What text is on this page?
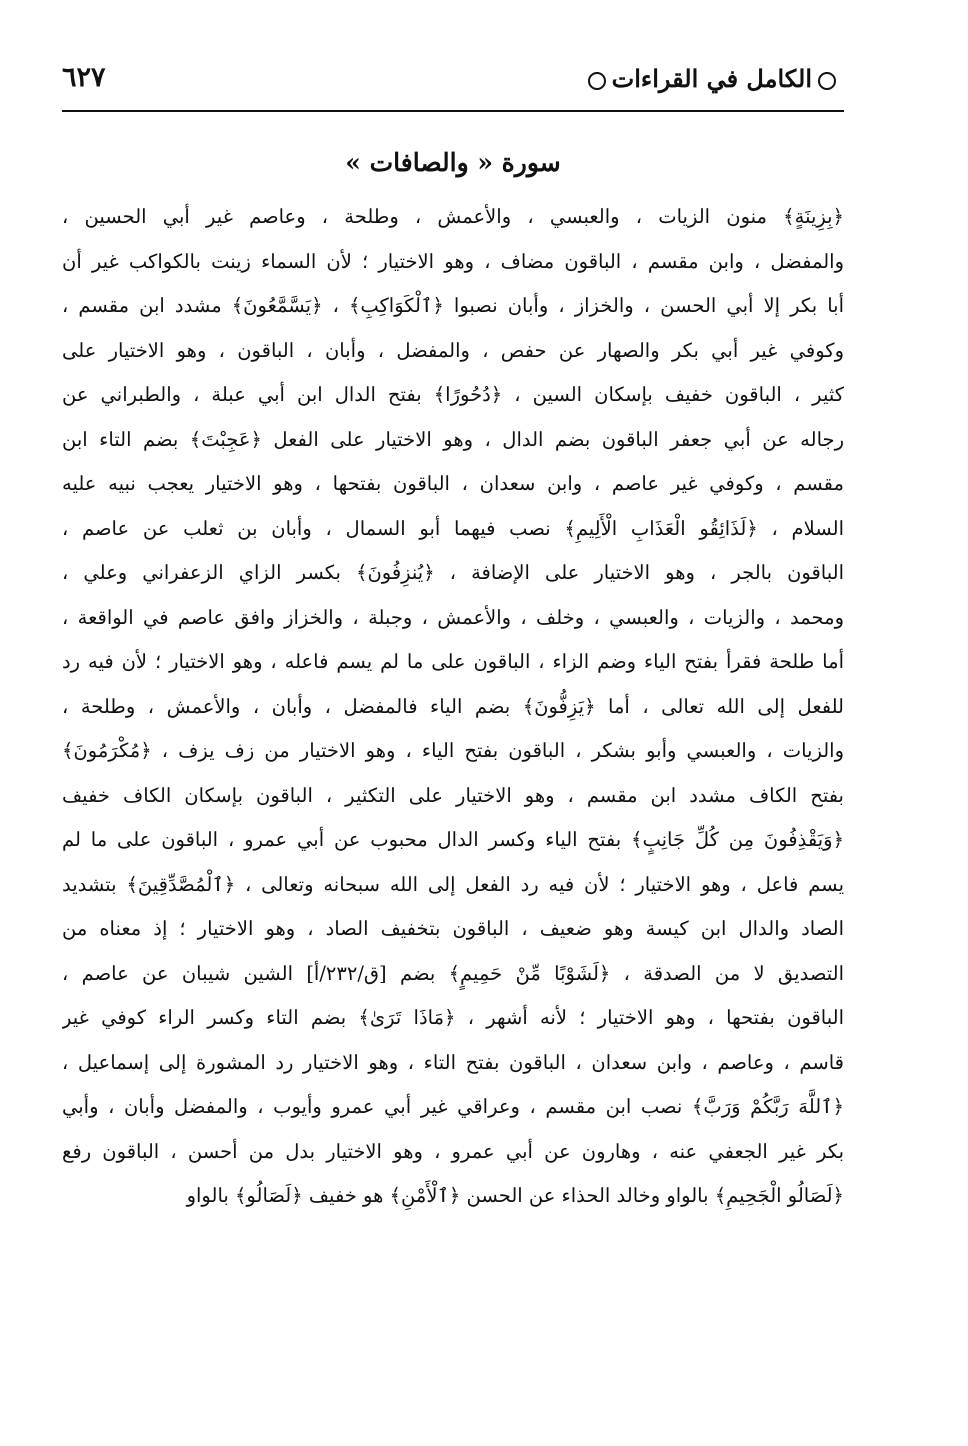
الكامل في القراءات
٦٢٧
سورة « والصافات »
﴿بِزِينَةٍ﴾ منون الزيات ، والعبسي ، والأعمش ، وطلحة ، وعاصم غير أبي الحسين ،
والمفضل ، وابن مقسم ، الباقون مضاف ، وهو الاختيار ؛ لأن السماء زينت بالكواكب غير أن
أبا بكر إلا أبي الحسن ، والخزاز ، وأبان نصبوا ﴿ٱلْكَوَاكِبِ﴾ ، ﴿يَسَّمَّعُونَ﴾ مشدد ابن مقسم ،
وكوفي غير أبي بكر والصهار عن حفص ، والمفضل ، وأبان ، الباقون ، وهو الاختيار على
كثير ، الباقون خفيف بإسكان السين ، ﴿دُحُورًا﴾ بفتح الدال ابن أبي عبلة ، والطبراني عن
رجاله عن أبي جعفر الباقون بضم الدال ، وهو الاختيار على الفعل ﴿عَجِبْتَ﴾ بضم التاء ابن
مقسم ، وكوفي غير عاصم ، وابن سعدان ، الباقون بفتحها ، وهو الاختيار يعجب نبيه عليه
السلام ، ﴿لَذَائِقُو الْعَذَابِ الْأَلِيمِ﴾ نصب فيهما أبو السمال ، وأبان بن ثعلب عن عاصم ،
الباقون بالجر ، وهو الاختيار على الإضافة ، ﴿يُنزِفُونَ﴾ بكسر الزاي الزعفراني وعلي ،
ومحمد ، والزيات ، والعبسي ، وخلف ، والأعمش ، وجبلة ، والخزاز وافق عاصم في الواقعة ،
أما طلحة فقرأ بفتح الياء وضم الزاء ، الباقون على ما لم يسم فاعله ، وهو الاختيار ؛ لأن فيه رد
للفعل إلى الله تعالى ، أما ﴿يَزِفُّونَ﴾ بضم الياء فالمفضل ، وأبان ، والأعمش ، وطلحة ،
والزيات ، والعبسي وأبو بشكر ، الباقون بفتح الياء ، وهو الاختيار من زف يزف ، ﴿مُكْرَمُونَ﴾
بفتح الكاف مشدد ابن مقسم ، وهو الاختيار على التكثير ، الباقون بإسكان الكاف خفيف
﴿وَيَقْذِفُونَ مِن كُلِّ جَانِبٍ﴾ بفتح الياء وكسر الدال محبوب عن أبي عمرو ، الباقون على ما لم
يسم فاعل ، وهو الاختيار ؛ لأن فيه رد الفعل إلى الله سبحانه وتعالى ، ﴿ٱلْمُصَّدِّقِينَ﴾ بتشديد
الصاد والدال ابن كيسة وهو ضعيف ، الباقون بتخفيف الصاد ، وهو الاختيار ؛ إذ معناه من
التصديق لا من الصدقة ، ﴿لَشَوْبًا مِّنْ حَمِيمٍ﴾ بضم [ق/٢٣٢/أ] الشين شيبان عن عاصم ،
الباقون بفتحها ، وهو الاختيار ؛ لأنه أشهر ، ﴿مَاذَا تَرَىٰ﴾ بضم التاء وكسر الراء كوفي غير
قاسم ، وعاصم ، وابن سعدان ، الباقون بفتح التاء ، وهو الاختيار رد المشورة إلى إسماعيل ،
﴿ٱللَّهَ رَبَّكُمْ وَرَبَّ﴾ نصب ابن مقسم ، وعراقي غير أبي عمرو وأيوب ، والمفضل وأبان ، وأبي
بكر غير الجعفي عنه ، وهارون عن أبي عمرو ، وهو الاختيار بدل من أحسن ، الباقون رفع
﴿لَصَالُو الْجَحِيمِ﴾ بالواو وخالد الحذاء عن الحسن ﴿ٱلْأَمْنِ﴾ هو خفيف ﴿لَصَالُو﴾ بالواو
